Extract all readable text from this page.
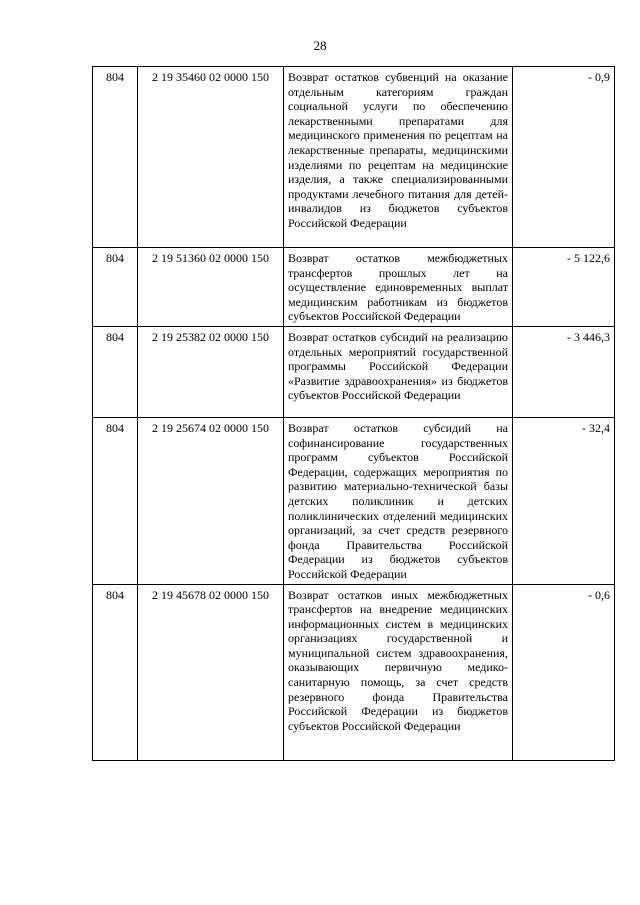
28
804	2 19 35460 02 0000 150	Возврат остатков субвенций на оказание отдельным категориям граждан социальной услуги по обеспечению лекарственными препаратами для медицинского применения по рецептам на лекарственные препараты, медицинскими изделиями по рецептам на медицинские изделия, а также специализированными продуктами лечебного питания для детей-инвалидов из бюджетов субъектов Российской Федерации	- 0,9
804	2 19 51360 02 0000 150	Возврат остатков межбюджетных трансфертов прошлых лет на осуществление единовременных выплат медицинским работникам из бюджетов субъектов Российской Федерации	- 5 122,6
804	2 19 25382 02 0000 150	Возврат остатков субсидий на реализацию отдельных мероприятий государственной программы Российской Федерации «Развитие здравоохранения» из бюджетов субъектов Российской Федерации	- 3 446,3
804	2 19 25674 02 0000 150	Возврат остатков субсидий на софинансирование государственных программ субъектов Российской Федерации, содержащих мероприятия по развитию материально-технической базы детских поликлиник и детских поликлинических отделений медицинских организаций, за счет средств резервного фонда Правительства Российской Федерации из бюджетов субъектов Российской Федерации	- 32,4
804	2 19 45678 02 0000 150	Возврат остатков иных межбюджетных трансфертов на внедрение медицинских информационных систем в медицинских организациях государственной и муниципальной систем здравоохранения, оказывающих первичную медико-санитарную помощь, за счет средств резервного фонда Правительства Российской Федерации из бюджетов субъектов Российской Федерации	- 0,6
